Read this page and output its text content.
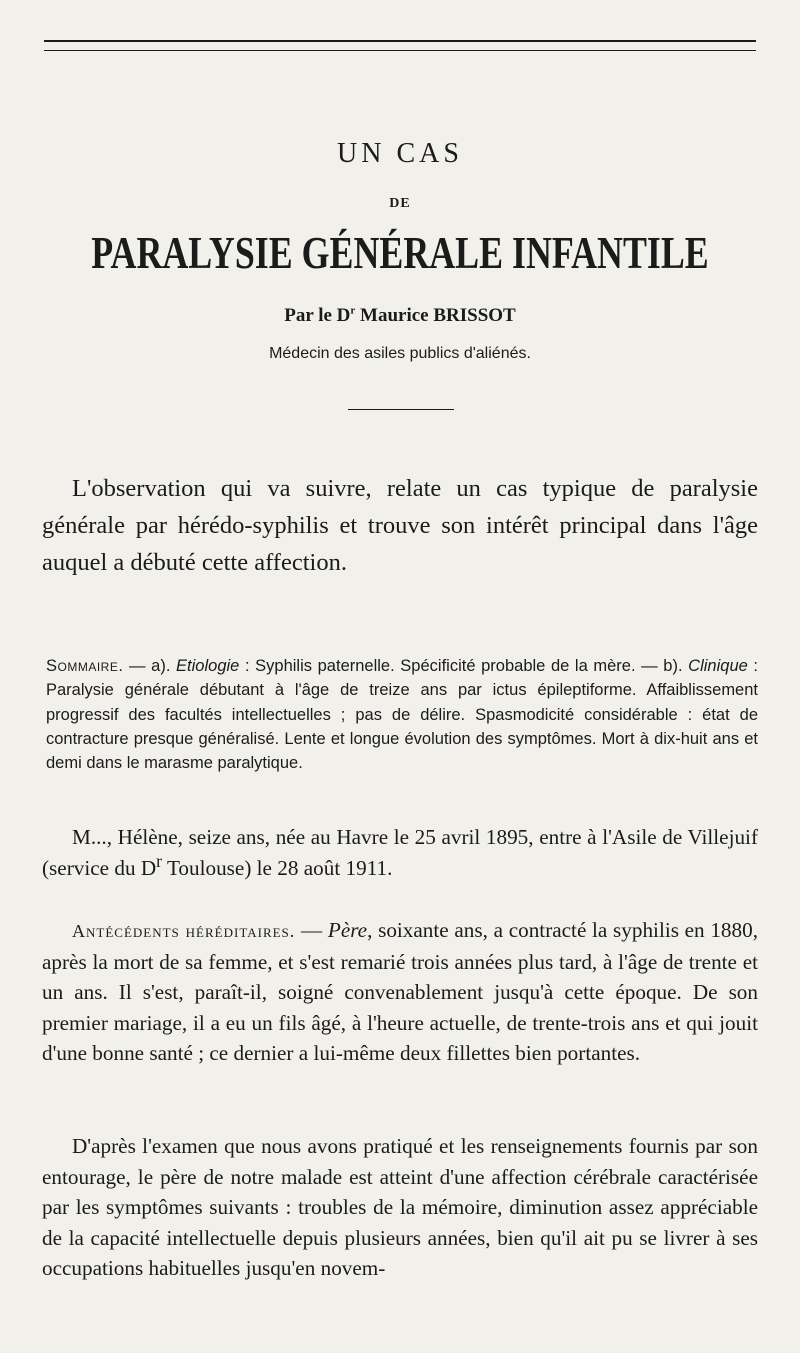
UN CAS
DE
PARALYSIE GÉNÉRALE INFANTILE
Par le $D^r$ Maurice BRISSOT
Médecin des asiles publics d'aliénés.
L'observation qui va suivre, relate un cas typique de paralysie générale par hérédo-syphilis et trouve son intérêt principal dans l'âge auquel a débuté cette affection.
Sommaire. — a). Etiologie : Syphilis paternelle. Spécificité probable de la mère. — b). Clinique : Paralysie générale débutant à l'âge de treize ans par ictus épileptiforme. Affaiblissement progressif des facultés intellectuelles ; pas de délire. Spasmodicité considérable : état de contracture presque généralisé. Lente et longue évolution des symptômes. Mort à dix-huit ans et demi dans le marasme paralytique.
M..., Hélène, seize ans, née au Havre le 25 avril 1895, entre à l'Asile de Villejuif (service du $D^r$ Toulouse) le 28 août 1911.
Antécédents héréditaires. — Père, soixante ans, a contracté la syphilis en 1880, après la mort de sa femme, et s'est remarié trois années plus tard, à l'âge de trente et un ans. Il s'est, paraît-il, soigné convenablement jusqu'à cette époque. De son premier mariage, il a eu un fils âgé, à l'heure actuelle, de trente-trois ans et qui jouit d'une bonne santé ; ce dernier a lui-même deux fillettes bien portantes.
D'après l'examen que nous avons pratiqué et les renseignements fournis par son entourage, le père de notre malade est atteint d'une affection cérébrale caractérisée par les symptômes suivants : troubles de la mémoire, diminution assez appréciable de la capacité intellectuelle depuis plusieurs années, bien qu'il ait pu se livrer à ses occupations habituelles jusqu'en novem-
